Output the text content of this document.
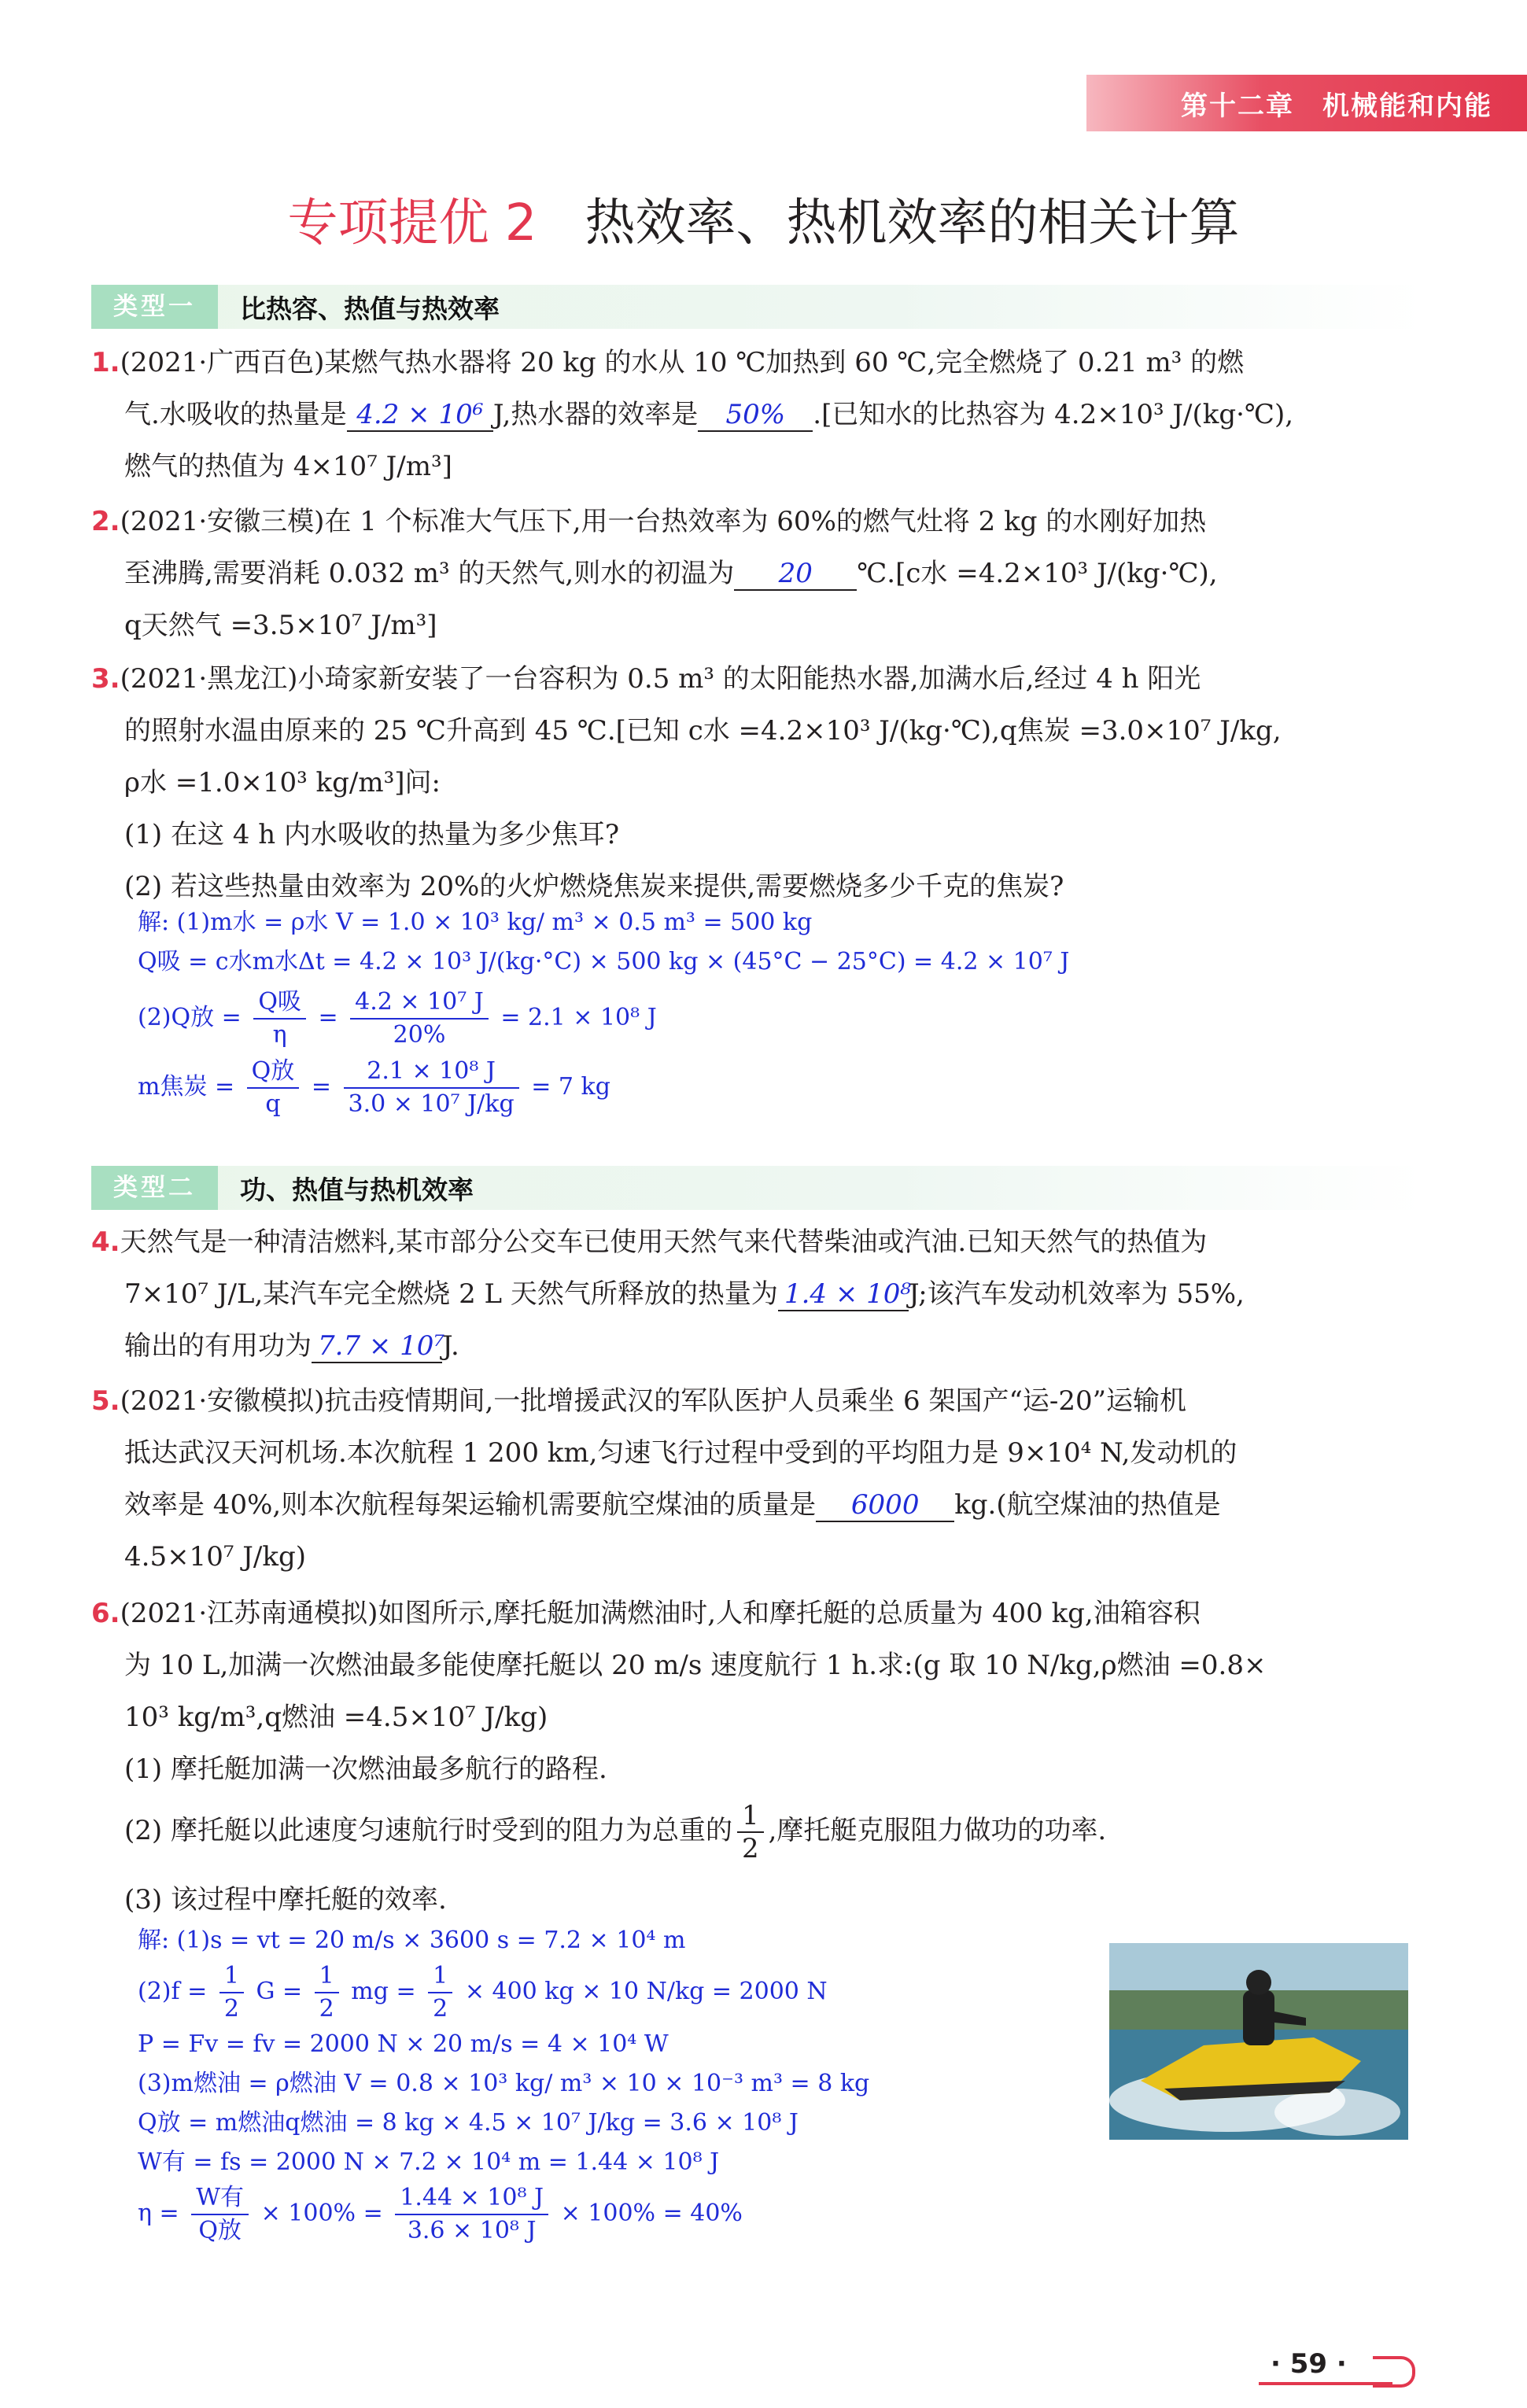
第十二章　机械能和内能
专项提优 2 热效率、热机效率的相关计算
类型一	比热容、热值与热效率
1.(2021·广西百色)某燃气热水器将 20 kg 的水从 10 ℃加热到 60 ℃,完全燃烧了 0.21 m³ 的燃
气.水吸收的热量是 4.2 × 10⁶ J,热水器的效率是 50% .[已知水的比热容为 4.2×10³ J/(kg·℃),
燃气的热值为 4×10⁷ J/m³]
2.(2021·安徽三模)在 1 个标准大气压下,用一台热效率为 60%的燃气灶将 2 kg 的水刚好加热
至沸腾,需要消耗 0.032 m³ 的天然气,则水的初温为 20 ℃.[c水 =4.2×10³ J/(kg·℃),
q天然气 =3.5×10⁷ J/m³]
3.(2021·黑龙江)小琦家新安装了一台容积为 0.5 m³ 的太阳能热水器,加满水后,经过 4 h 阳光
的照射水温由原来的 25 ℃升高到 45 ℃.[已知 c水 =4.2×10³ J/(kg·℃),q焦炭 =3.0×10⁷ J/kg,
ρ水 =1.0×10³ kg/m³]问:
(1) 在这 4 h 内水吸收的热量为多少焦耳?
(2) 若这些热量由效率为 20%的火炉燃烧焦炭来提供,需要燃烧多少千克的焦炭?
解: (1)m水 = ρ水 V = 1.0 × 10³ kg/ m³ × 0.5 m³ = 500 kg
Q吸 = c水m水Δt = 4.2 × 10³ J/(kg·°C) × 500 kg × (45°C − 25°C) = 4.2 × 10⁷ J
(2)Q放 = $\frac{\text{Q吸}}{\eta} = \frac{\text{4.2 × 10⁷ J}}{20\%} = 2.1 \times 10^8$ J
m焦炭 = $\frac{\text{Q放}}{q} = \frac{\text{2.1 × 10⁸ J}}{\text{3.0 × 10⁷ J/kg}} = 7$ kg
类型二	功、热值与热机效率
4.天然气是一种清洁燃料,某市部分公交车已使用天然气来代替柴油或汽油.已知天然气的热值为
7×10⁷ J/L,某汽车完全燃烧 2 L 天然气所释放的热量为 1.4 × 10⁸J;该汽车发动机效率为 55%,
输出的有用功为 7.7 × 10⁷J.
5.(2021·安徽模拟)抗击疫情期间,一批增援武汉的军队医护人员乘坐 6 架国产“运-20”运输机
抵达武汉天河机场.本次航程 1 200 km,匀速飞行过程中受到的平均阻力是 9×10⁴ N,发动机的
效率是 40%,则本次航程每架运输机需要航空煤油的质量是 6000 kg.(航空煤油的热值是
4.5×10⁷ J/kg)
6.(2021·江苏南通模拟)如图所示,摩托艇加满燃油时,人和摩托艇的总质量为 400 kg,油箱容积
为 10 L,加满一次燃油最多能使摩托艇以 20 m/s 速度航行 1 h.求:(g 取 10 N/kg,ρ燃油 =0.8×
10³ kg/m³,q燃油 =4.5×10⁷ J/kg)
(1) 摩托艇加满一次燃油最多航行的路程.
(2) 摩托艇以此速度匀速航行时受到的阻力为总重的 $\frac{1}{2}$ ,摩托艇克服阻力做功的功率.
(3) 该过程中摩托艇的效率.
解: (1)s = vt = 20 m/s × 3600 s = 7.2 × 10⁴ m
$(2)f = \frac{1}{2}$ $G = \frac{1}{2}$ mg = $\frac{1}{2} \times 400$ kg × 10 N/kg = 2000 N
P = Fv = fv = 2000 N × 20 m/s = 4 × 10⁴ W
(3)m燃油 = ρ燃油 V = 0.8 × 10³ kg/ m³ × 10 × 10⁻³ m³ = 8 kg
Q放 = m燃油q燃油 = 8 kg × 4.5 × 10⁷ J/kg = 3.6 × 10⁸ J
W有 = fs = 2000 N × 7.2 × 10⁴ m = 1.44 × 10⁸ J
$\eta = \frac{\text{W有}}{\text{Q放}} \times 100\% = \frac{\text{1.44 × 10⁸ J}}{\text{3.6 × 10⁸ J}} \times 100\% = 40\%$
· 59 ·
